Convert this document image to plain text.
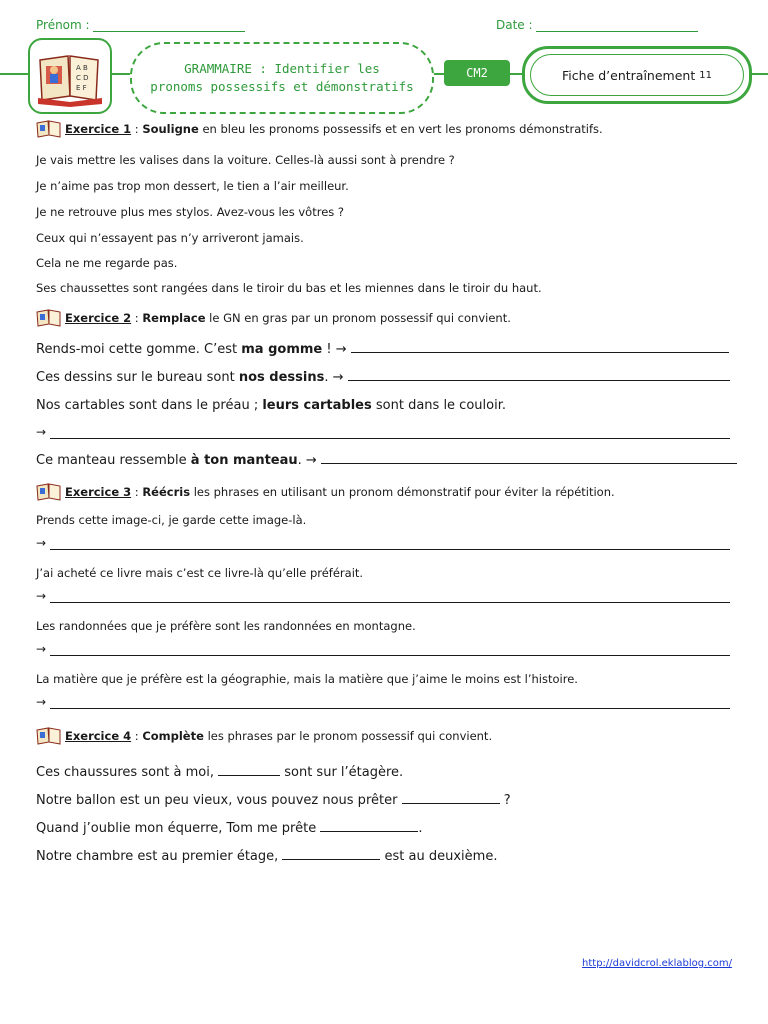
Prénom :	Date :
A B
C D
E F
GRAMMAIRE : Identifier les
pronoms possessifs et démonstratifs
CM2	Fiche d’entraînement 11
Exercice 1 : Souligne
en bleu les pronoms possessifs et en vert les pronoms démonstratifs.
Je vais mettre les valises dans la voiture. Celles-là aussi sont à prendre ?
Je n’aime pas trop mon dessert, le tien a l’air meilleur.
Je ne retrouve plus mes stylos. Avez-vous les vôtres ?
Ceux qui n’essayent pas n’y arriveront jamais.
Cela ne me regarde pas.
Ses chaussettes sont rangées dans le tiroir du bas et les miennes dans le tiroir du haut.
Exercice 2 : Remplace
le GN en gras par un pronom possessif qui convient.
Rends-moi cette gomme. C’est ma gomme ! →
Ces dessins sur le bureau sont nos dessins. →
Nos cartables sont dans le préau ; leurs cartables sont dans le couloir.
→
Ce manteau ressemble à ton manteau. →
Exercice 3 : Réécris
les phrases en utilisant un pronom démonstratif pour éviter la répétition.
Prends cette image-ci, je garde cette image-là.
→
J’ai acheté ce livre mais c’est ce livre-là qu’elle préférait.
→
Les randonnées que je préfère sont les randonnées en montagne.
→
La matière que je préfère est la géographie, mais la matière que j’aime le moins est l’histoire.
→
Exercice 4 : Complète
les phrases par le pronom possessif qui convient.
Ces chaussures sont à moi,	sont sur l’étagère.
Notre ballon est un peu vieux, vous pouvez nous prêter	?
Quand j’oublie mon équerre, Tom me prête	.
Notre chambre est au premier étage,	est au deuxième.
http://davidcrol.eklablog.com/
